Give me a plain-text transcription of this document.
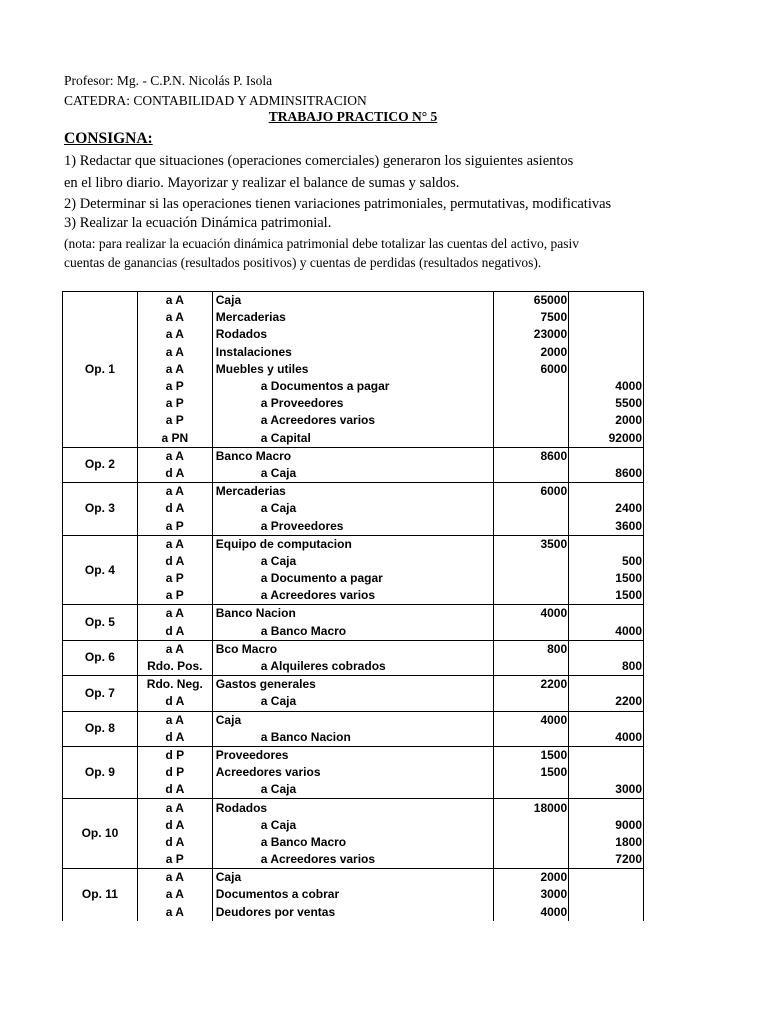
Profesor: Mg. - C.P.N. Nicolás P. Isola
CATEDRA: CONTABILIDAD Y ADMINSITRACION
TRABAJO PRACTICO N° 5
CONSIGNA:
1) Redactar que situaciones (operaciones comerciales) generaron los siguientes asientos
en el libro diario. Mayorizar y realizar el balance de sumas y saldos.
2) Determinar si las operaciones tienen variaciones patrimoniales, permutativas, modificativas
3) Realizar la ecuación Dinámica patrimonial.
(nota: para realizar la ecuación dinámica patrimonial debe totalizar las cuentas del activo, pasiv
cuentas de ganancias (resultados positivos) y cuentas de perdidas (resultados negativos).
Op. 1	a A	Caja	65000	
	a A	Mercaderias	7500	
	a A	Rodados	23000	
	a A	Instalaciones	2000	
	a A	Muebles y utiles	6000	
	a P	a Documentos a pagar		4000
	a P	a Proveedores		5500
	a P	a Acreedores varios		2000
	a PN	a Capital		92000
Op. 2	a A	Banco Macro	8600	
	d A	a Caja		8600
Op. 3	a A	Mercaderias	6000	
	d A	a Caja		2400
	a P	a Proveedores		3600
Op. 4	a A	Equipo de computacion	3500	
	d A	a Caja		500
	a P	a Documento a pagar		1500
	a P	a Acreedores varios		1500
Op. 5	a A	Banco Nacion	4000	
	d A	a Banco Macro		4000
Op. 6	a A	Bco Macro	800	
	Rdo. Pos.	a Alquileres cobrados		800
Op. 7	Rdo. Neg.	Gastos generales	2200	
	d A	a Caja		2200
Op. 8	a A	Caja	4000	
	d A	a Banco Nacion		4000
Op. 9	d P	Proveedores	1500	
	d P	Acreedores varios	1500	
	d A	a Caja		3000
Op. 10	a A	Rodados	18000	
	d A	a Caja		9000
	d A	a Banco Macro		1800
	a P	a Acreedores varios		7200
Op. 11	a A	Caja	2000	
	a A	Documentos a cobrar	3000	
	a A	Deudores por ventas	4000	
